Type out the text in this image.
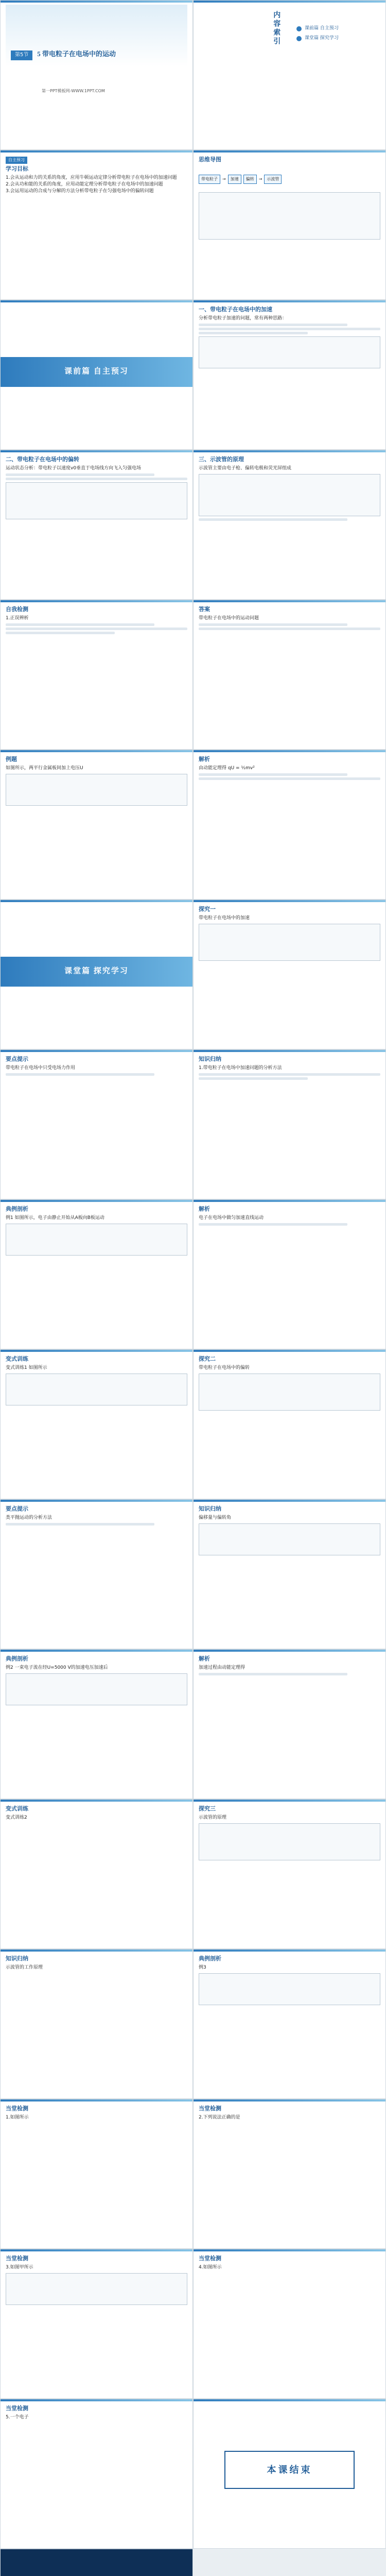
第5节 5 带电粒子在电场中的运动
第一PPT模板网-WWW.1PPT.COM
内容索引	课前篇 自主预习
课堂篇 探究学习
自主预习
学习目标
1.会从运动和力的关系的角度，应用牛顿运动定律分析带电粒子在电场中的加速问题
2.会从功和能的关系的角度，应用动能定理分析带电粒子在电场中的加速问题
3.会运用运动的合成与分解的方法分析带电粒子在匀强电场中的偏转问题
思维导图
带电粒子	→	加速	偏转	→	示波管
课前篇 自主预习
一、带电粒子在电场中的加速
分析带电粒子加速的问题，常有两种思路：
二、带电粒子在电场中的偏转
运动状态分析：带电粒子以速度v0垂直于电场线方向飞入匀强电场
三、示波管的原理
示波管主要由电子枪、偏转电极和荧光屏组成
自我检测
1.正误辨析
答案
带电粒子在电场中的运动问题
例题
如图所示，两平行金属板间加上电压U
解析
由动能定理得 qU = ½mv²
课堂篇 探究学习
探究一
带电粒子在电场中的加速
要点提示
带电粒子在电场中只受电场力作用
知识归纳
1.带电粒子在电场中加速问题的分析方法
典例剖析
例1 如图所示，电子由静止开始从A板向B板运动
解析
电子在电场中做匀加速直线运动
变式训练
变式训练1 如图所示
探究二
带电粒子在电场中的偏转
要点提示
类平抛运动的分析方法
知识归纳
偏移量与偏转角
典例剖析
例2 一束电子流在经U=5000 V的加速电压加速后
解析
加速过程由动能定理得
变式训练
变式训练2
探究三
示波管的原理
知识归纳
示波管的工作原理
典例剖析
例3
当堂检测
1.如图所示
当堂检测
2.下列说法正确的是
当堂检测
3.如图甲所示
当堂检测
4.如图所示
当堂检测
5.一个电子
本课结束
